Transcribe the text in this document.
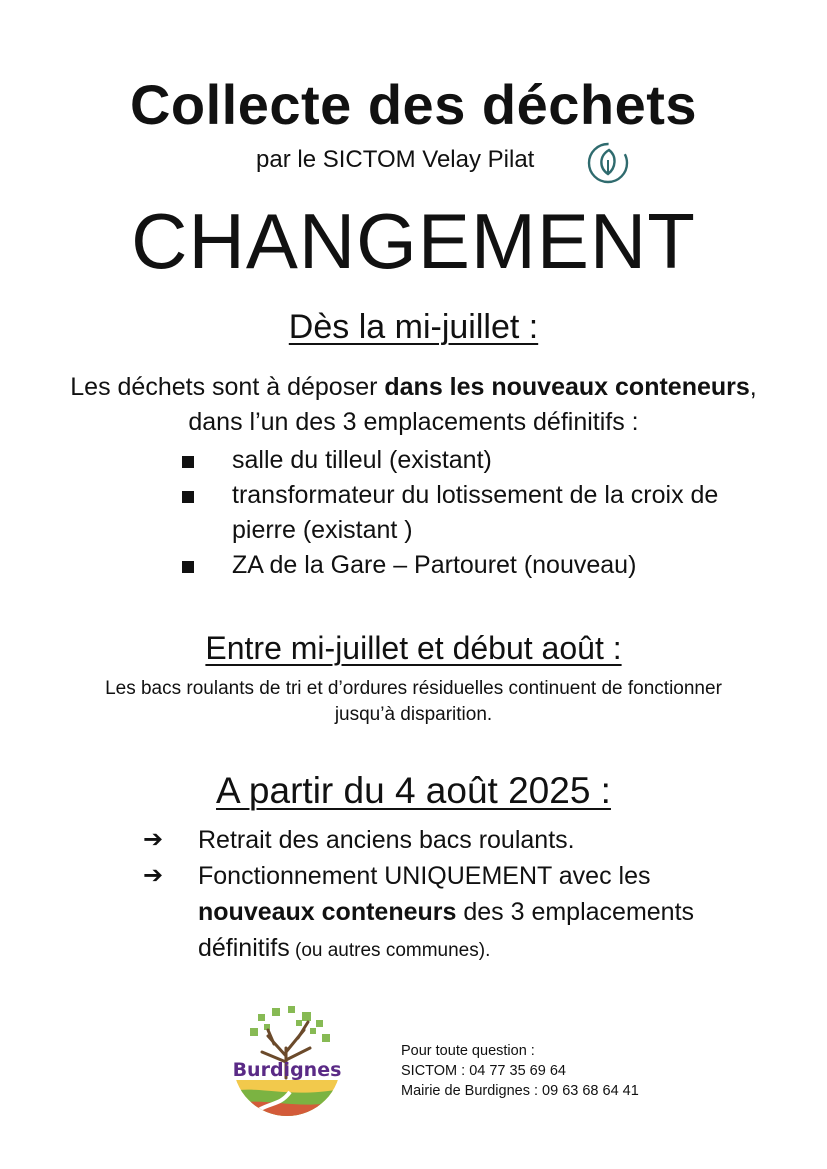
Collecte des déchets
par le SICTOM Velay Pilat
CHANGEMENT
Dès la mi-juillet :
Les déchets sont à déposer dans les nouveaux conteneurs, dans l’un des 3 emplacements définitifs :
salle du tilleul (existant)
transformateur du lotissement de la croix de pierre (existant )
ZA de la Gare – Partouret (nouveau)
Entre mi-juillet et début août :
Les bacs roulants de tri et d’ordures résiduelles continuent de fonctionner jusqu’à disparition.
A partir du 4 août 2025 :
➔ Retrait des anciens bacs roulants.
➔ Fonctionnement UNIQUEMENT avec les nouveaux conteneurs des 3 emplacements définitifs (ou autres communes).
Burdignes
Pour toute question :
SICTOM : 04 77 35 69 64
Mairie de Burdignes : 09 63 68 64 41
